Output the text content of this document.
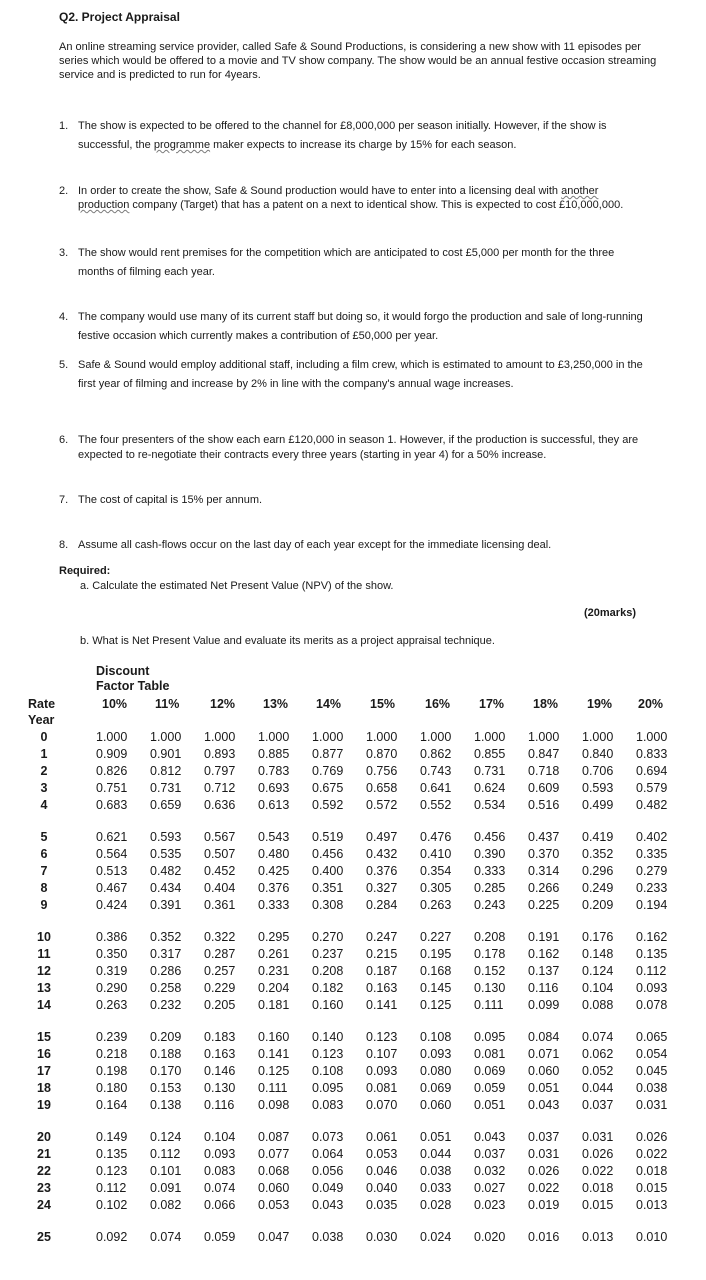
Q2. Project Appraisal
An online streaming service provider, called Safe & Sound Productions, is considering a new show with 11 episodes per series which would be offered to a movie and TV show company. The show would be an annual festive occasion streaming service and is predicted to run for 4years.
1. The show is expected to be offered to the channel for £8,000,000 per season initially. However, if the show is successful, the programme maker expects to increase its charge by 15% for each season.
2. In order to create the show, Safe & Sound production would have to enter into a licensing deal with another production company (Target) that has a patent on a next to identical show. This is expected to cost £10,000,000.
3. The show would rent premises for the competition which are anticipated to cost £5,000 per month for the three months of filming each year.
4. The company would use many of its current staff but doing so, it would forgo the production and sale of long-running festive occasion which currently makes a contribution of £50,000 per year.
5. Safe & Sound would employ additional staff, including a film crew, which is estimated to amount to £3,250,000 in the first year of filming and increase by 2% in line with the company's annual wage increases.
6. The four presenters of the show each earn £120,000 in season 1. However, if the production is successful, they are expected to re-negotiate their contracts every three years (starting in year 4) for a 50% increase.
7. The cost of capital is 15% per annum.
8. Assume all cash-flows occur on the last day of each year except for the immediate licensing deal.
Required:
a. Calculate the estimated Net Present Value (NPV) of the show.
(20marks)
b. What is Net Present Value and evaluate its merits as a project appraisal technique.
Discount
Factor Table
Rate
Year
10% 11% 12% 13% 14% 15% 16% 17% 18% 19% 20%
0	1.000 1.000 1.000 1.000 1.000 1.000 1.000 1.000 1.000 1.000 1.000
1	0.909 0.901 0.893 0.885 0.877 0.870 0.862 0.855 0.847 0.840 0.833
2	0.826 0.812 0.797 0.783 0.769 0.756 0.743 0.731 0.718 0.706 0.694
3	0.751 0.731 0.712 0.693 0.675 0.658 0.641 0.624 0.609 0.593 0.579
4	0.683 0.659 0.636 0.613 0.592 0.572 0.552 0.534 0.516 0.499 0.482
5	0.621 0.593 0.567 0.543 0.519 0.497 0.476 0.456 0.437 0.419 0.402
6	0.564 0.535 0.507 0.480 0.456 0.432 0.410 0.390 0.370 0.352 0.335
7	0.513 0.482 0.452 0.425 0.400 0.376 0.354 0.333 0.314 0.296 0.279
8	0.467 0.434 0.404 0.376 0.351 0.327 0.305 0.285 0.266 0.249 0.233
9	0.424 0.391 0.361 0.333 0.308 0.284 0.263 0.243 0.225 0.209 0.194
10	0.386 0.352 0.322 0.295 0.270 0.247 0.227 0.208 0.191 0.176 0.162
11	0.350 0.317 0.287 0.261 0.237 0.215 0.195 0.178 0.162 0.148 0.135
12	0.319 0.286 0.257 0.231 0.208 0.187 0.168 0.152 0.137 0.124 0.112
13	0.290 0.258 0.229 0.204 0.182 0.163 0.145 0.130 0.116 0.104 0.093
14	0.263 0.232 0.205 0.181 0.160 0.141 0.125 0.111 0.099 0.088 0.078
15	0.239 0.209 0.183 0.160 0.140 0.123 0.108 0.095 0.084 0.074 0.065
16	0.218 0.188 0.163 0.141 0.123 0.107 0.093 0.081 0.071 0.062 0.054
17	0.198 0.170 0.146 0.125 0.108 0.093 0.080 0.069 0.060 0.052 0.045
18	0.180 0.153 0.130 0.111 0.095 0.081 0.069 0.059 0.051 0.044 0.038
19	0.164 0.138 0.116 0.098 0.083 0.070 0.060 0.051 0.043 0.037 0.031
20	0.149 0.124 0.104 0.087 0.073 0.061 0.051 0.043 0.037 0.031 0.026
21	0.135 0.112 0.093 0.077 0.064 0.053 0.044 0.037 0.031 0.026 0.022
22	0.123 0.101 0.083 0.068 0.056 0.046 0.038 0.032 0.026 0.022 0.018
23	0.112 0.091 0.074 0.060 0.049 0.040 0.033 0.027 0.022 0.018 0.015
24	0.102 0.082 0.066 0.053 0.043 0.035 0.028 0.023 0.019 0.015 0.013
25	0.092 0.074 0.059 0.047 0.038 0.030 0.024 0.020 0.016 0.013 0.010
